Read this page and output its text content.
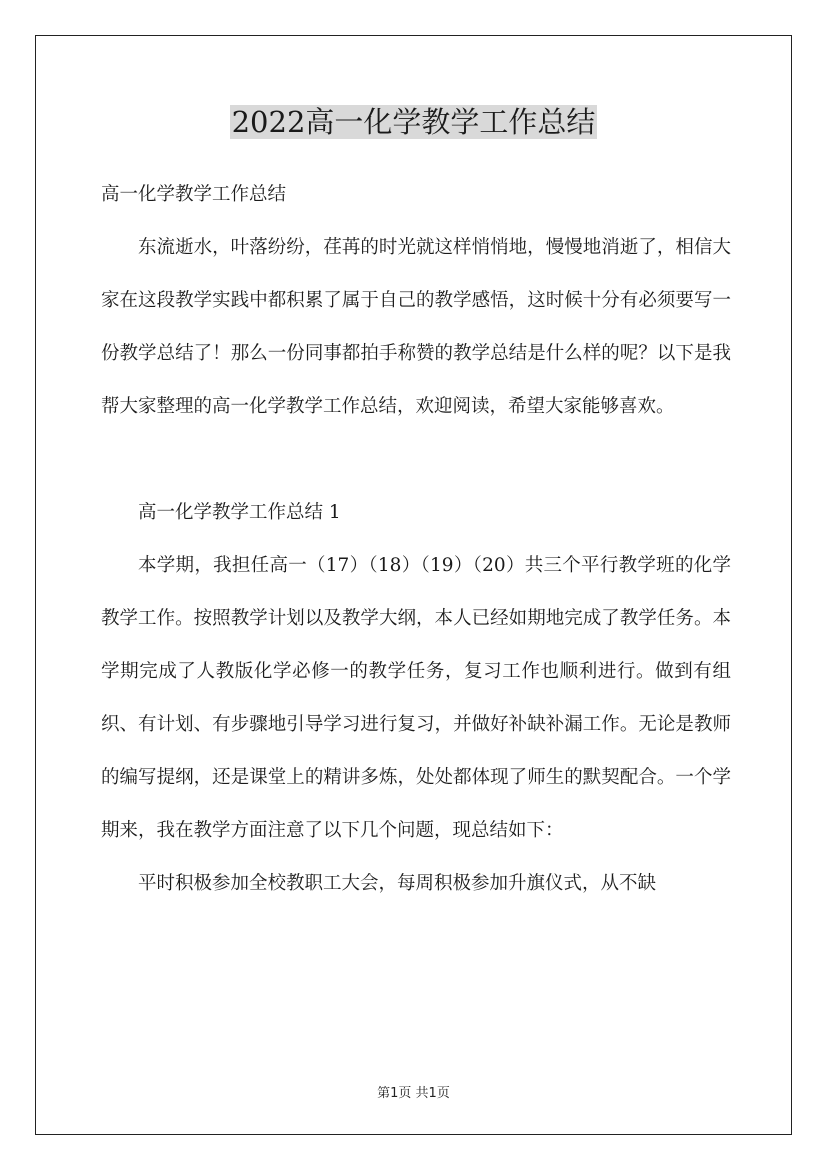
2022高一化学教学工作总结

高一化学教学工作总结

东流逝水，叶落纷纷，荏苒的时光就这样悄悄地，慢慢地消逝了，相信大家在这段教学实践中都积累了属于自己的教学感悟，这时候十分有必须要写一份教学总结了！那么一份同事都拍手称赞的教学总结是什么样的呢？以下是我帮大家整理的高一化学教学工作总结，欢迎阅读，希望大家能够喜欢。

高一化学教学工作总结 1

本学期，我担任高一（17）（18）（19）（20）共三个平行教学班的化学教学工作。按照教学计划以及教学大纲，本人已经如期地完成了教学任务。本学期完成了人教版化学必修一的教学任务，复习工作也顺利进行。做到有组织、有计划、有步骤地引导学习进行复习，并做好补缺补漏工作。无论是教师的编写提纲，还是课堂上的精讲多炼，处处都体现了师生的默契配合。一个学期来，我在教学方面注意了以下几个问题，现总结如下：

平时积极参加全校教职工大会，每周积极参加升旗仪式，从不缺

第1页 共1页
